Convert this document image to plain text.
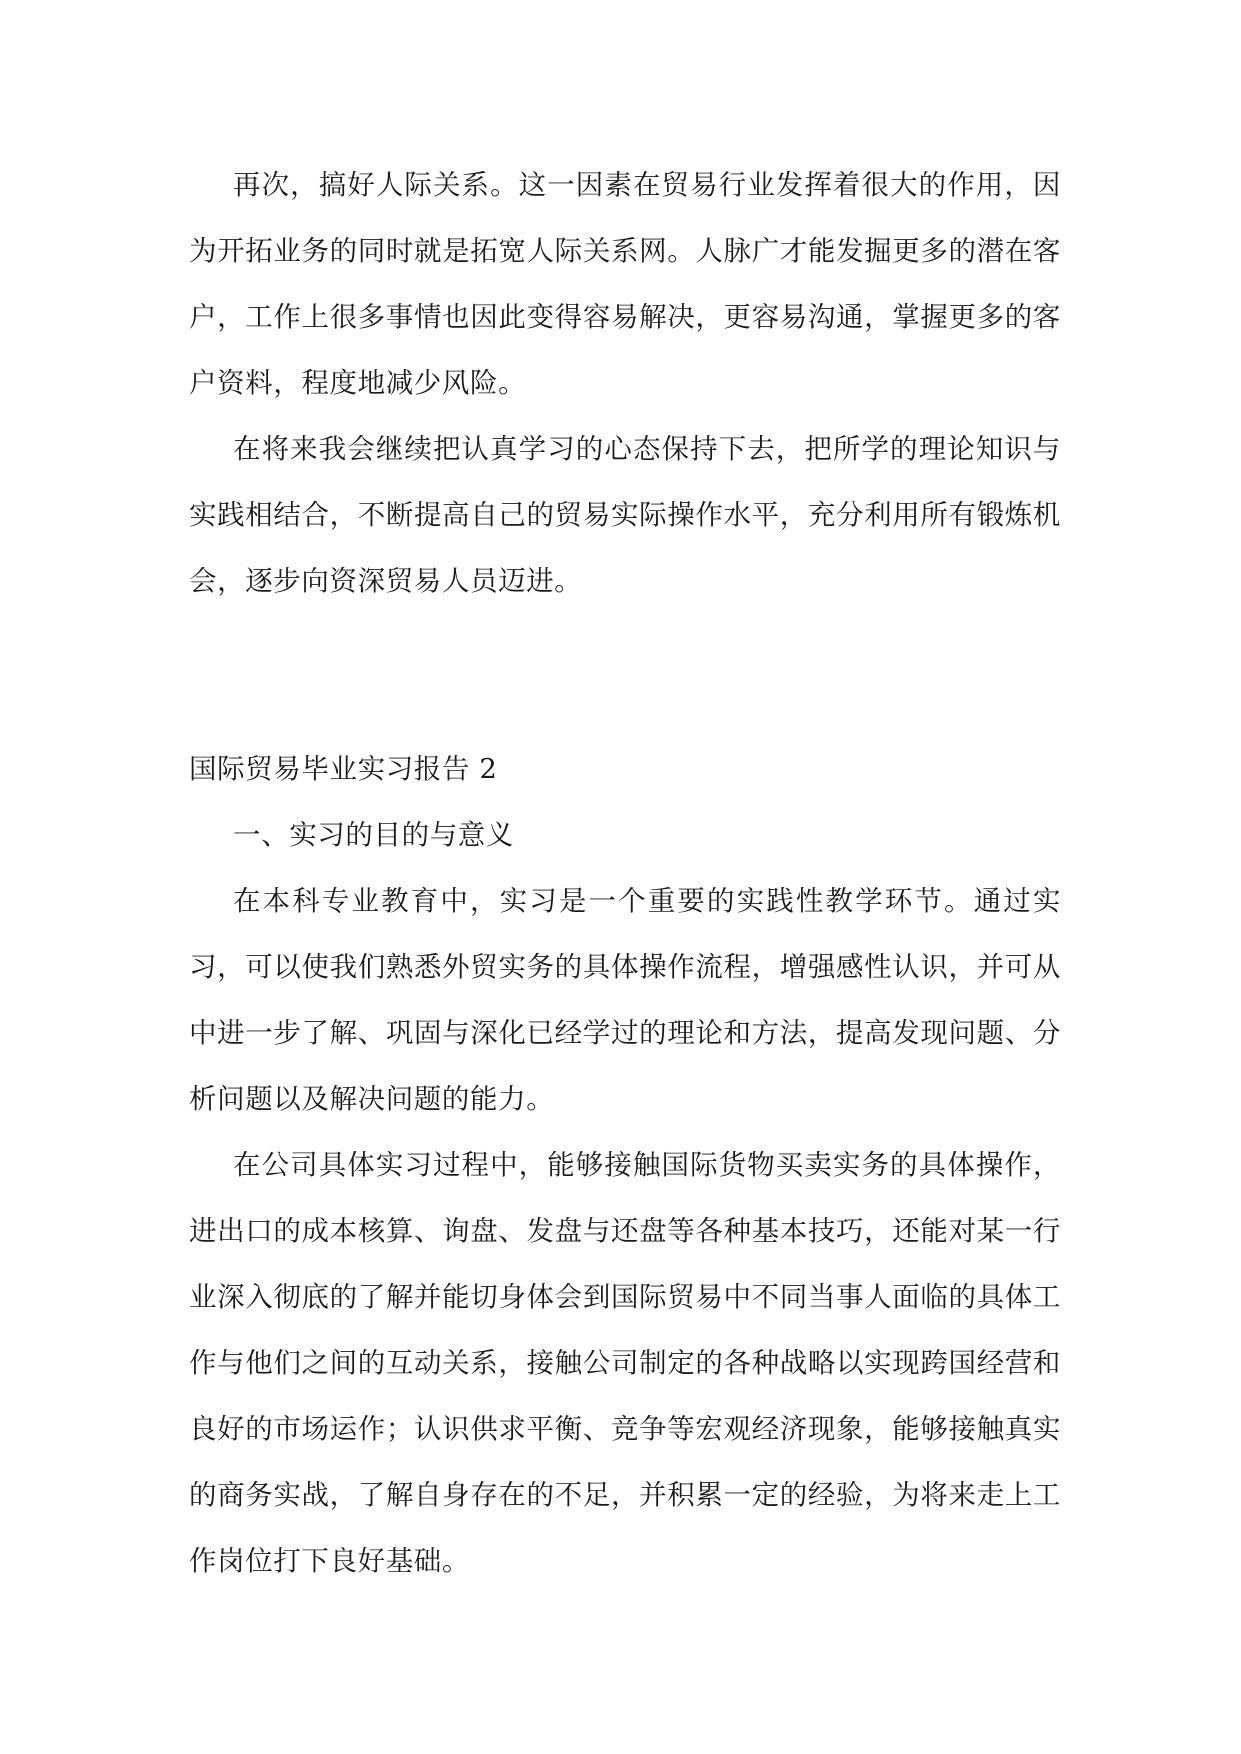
再次，搞好人际关系。这一因素在贸易行业发挥着很大的作用，因为开拓业务的同时就是拓宽人际关系网。人脉广才能发掘更多的潜在客户，工作上很多事情也因此变得容易解决，更容易沟通，掌握更多的客户资料，程度地减少风险。

在将来我会继续把认真学习的心态保持下去，把所学的理论知识与实践相结合，不断提高自己的贸易实际操作水平，充分利用所有锻炼机会，逐步向资深贸易人员迈进。

国际贸易毕业实习报告 2

一、实习的目的与意义

在本科专业教育中，实习是一个重要的实践性教学环节。通过实习，可以使我们熟悉外贸实务的具体操作流程，增强感性认识，并可从中进一步了解、巩固与深化已经学过的理论和方法，提高发现问题、分析问题以及解决问题的能力。

在公司具体实习过程中，能够接触国际货物买卖实务的具体操作，进出口的成本核算、询盘、发盘与还盘等各种基本技巧，还能对某一行业深入彻底的了解并能切身体会到国际贸易中不同当事人面临的具体工作与他们之间的互动关系，接触公司制定的各种战略以实现跨国经营和良好的市场运作；认识供求平衡、竞争等宏观经济现象，能够接触真实的商务实战，了解自身存在的不足，并积累一定的经验，为将来走上工作岗位打下良好基础。
